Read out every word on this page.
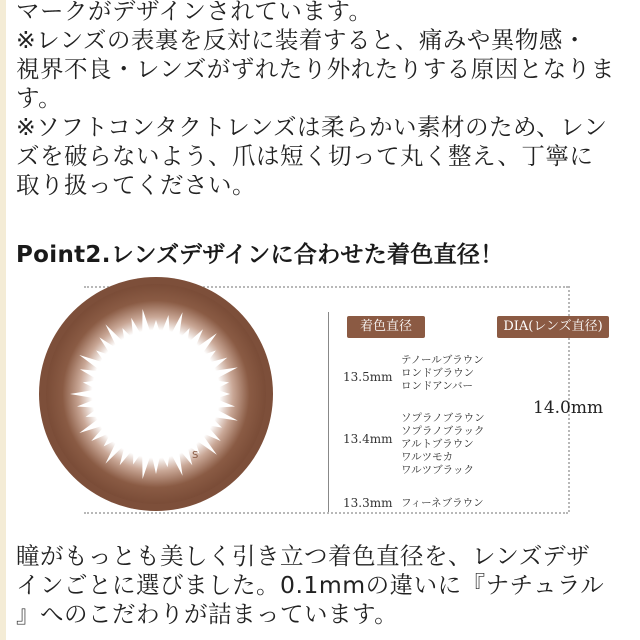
マークがデザインされています。

※レンズの表裏を反対に装着すると、痛みや異物感・

視界不良・レンズがずれたり外れたりする原因となりま

す。

※ソフトコンタクトレンズは柔らかい素材のため、レン

ズを破らないよう、爪は短く切って丸く整え、丁寧に

取り扱ってください。

Point2.レンズデザインに合わせた着色直径！
S
着色直径	DIA(レンズ直径)
13.5mm
テノールブラウン
ロンドブラウン
ロンドアンバー
13.4mm
ソプラノブラウン
ソプラノブラック
アルトブラウン
ワルツモカ
ワルツブラック
13.3mm フィーネブラウン
14.0mm

瞳がもっとも美しく引き立つ着色直径を、レンズデザ

インごとに選びました。0.1mmの違いに『ナチュラル

』へのこだわりが詰まっています。
